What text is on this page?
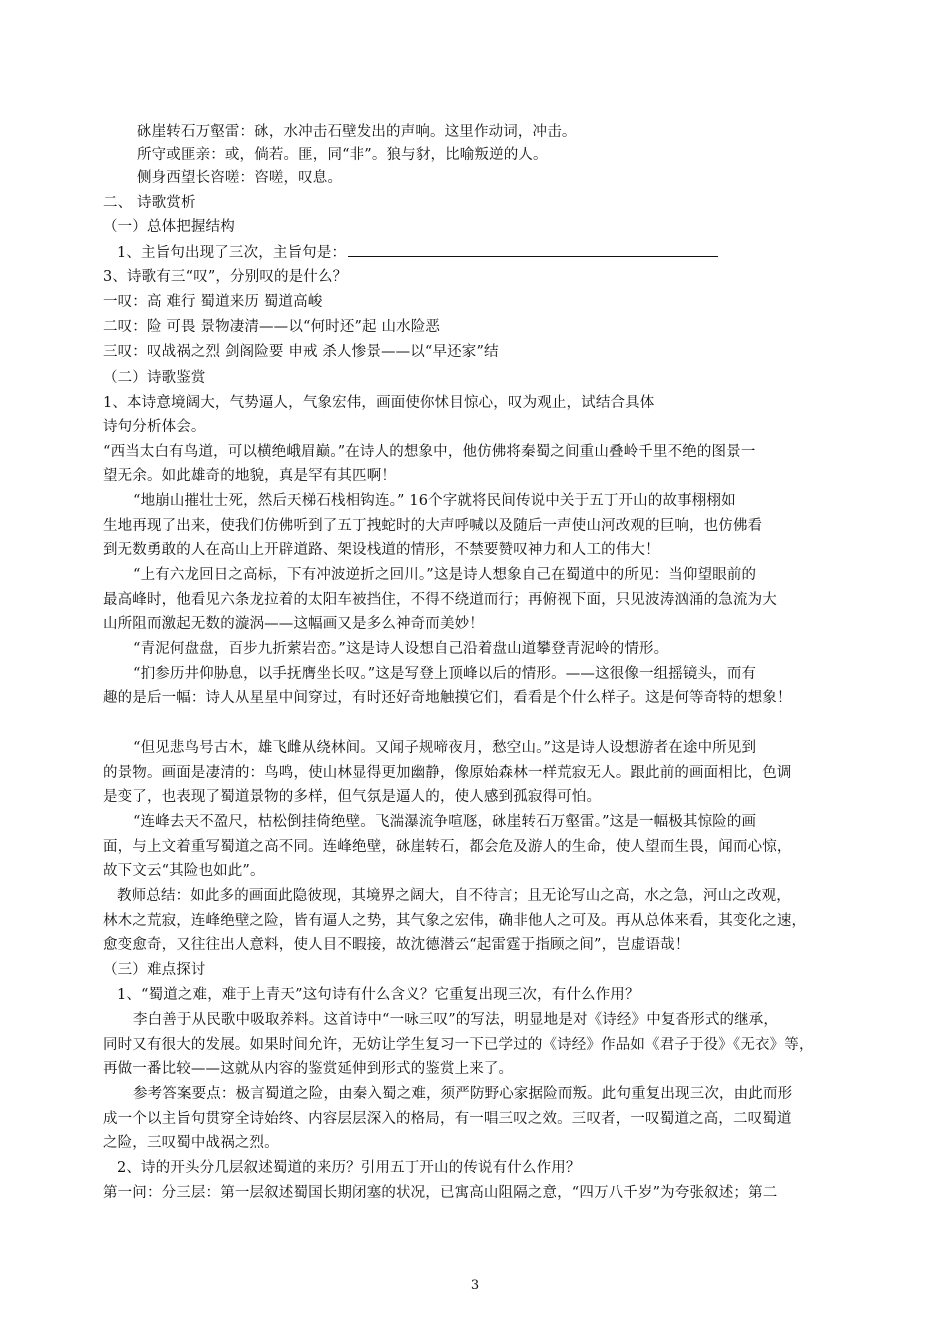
砯崖转石万壑雷：砯，水冲击石壁发出的声响。这里作动词，冲击。
所守或匪亲：或，倘若。匪，同“非”。狼与豺，比喻叛逆的人。
侧身西望长咨嗟：咨嗟，叹息。
二、 诗歌赏析
（一）总体把握结构
1、主旨句出现了三次，主旨句是：
3、诗歌有三“叹”，分别叹的是什么？
一叹：高 难行 蜀道来历 蜀道高峻
二叹：险 可畏 景物凄清——以“何时还”起 山水险恶
三叹：叹战祸之烈 剑阁险要 申戒 杀人惨景——以“早还家”结
（二）诗歌鉴赏
1、本诗意境阔大，气势逼人，气象宏伟，画面使你怵目惊心，叹为观止，试结合具体
诗句分析体会。
“西当太白有鸟道，可以横绝峨眉巅。”在诗人的想象中，他仿佛将秦蜀之间重山叠岭千里不绝的图景一
望无余。如此雄奇的地貌，真是罕有其匹啊！
“地崩山摧壮士死，然后天梯石栈相钩连。” 16个字就将民间传说中关于五丁开山的故事栩栩如
生地再现了出来，使我们仿佛听到了五丁拽蛇时的大声呼喊以及随后一声使山河改观的巨响，也仿佛看
到无数勇敢的人在高山上开辟道路、架设栈道的情形，不禁要赞叹神力和人工的伟大！
“上有六龙回日之高标，下有冲波逆折之回川。”这是诗人想象自己在蜀道中的所见：当仰望眼前的
最高峰时，他看见六条龙拉着的太阳车被挡住，不得不绕道而行；再俯视下面，只见波涛汹涌的急流为大
山所阻而激起无数的漩涡——这幅画又是多么神奇而美妙！
“青泥何盘盘，百步九折萦岩峦。”这是诗人设想自己沿着盘山道攀登青泥岭的情形。
“扪参历井仰胁息，以手抚膺坐长叹。”这是写登上顶峰以后的情形。——这很像一组摇镜头，而有
趣的是后一幅：诗人从星星中间穿过，有时还好奇地触摸它们，看看是个什么样子。这是何等奇特的想象！
“但见悲鸟号古木，雄飞雌从绕林间。又闻子规啼夜月，愁空山。”这是诗人设想游者在途中所见到
的景物。画面是凄清的：鸟鸣，使山林显得更加幽静，像原始森林一样荒寂无人。跟此前的画面相比，色调
是变了，也表现了蜀道景物的多样，但气氛是逼人的，使人感到孤寂得可怕。
“连峰去天不盈尺，枯松倒挂倚绝壁。飞湍瀑流争喧豗，砯崖转石万壑雷。”这是一幅极其惊险的画
面，与上文着重写蜀道之高不同。连峰绝壁，砯崖转石，都会危及游人的生命，使人望而生畏，闻而心惊，
故下文云“其险也如此”。
教师总结：如此多的画面此隐彼现，其境界之阔大，自不待言；且无论写山之高，水之急，河山之改观，
林木之荒寂，连峰绝壁之险，皆有逼人之势，其气象之宏伟，确非他人之可及。再从总体来看，其变化之速，
愈变愈奇，又往往出人意料，使人目不暇接，故沈德潜云“起雷霆于指顾之间”，岂虚语哉！
（三）难点探讨
1、“蜀道之难，难于上青天”这句诗有什么含义？它重复出现三次，有什么作用？
李白善于从民歌中吸取养料。这首诗中“一咏三叹”的写法，明显地是对《诗经》中复沓形式的继承，
同时又有很大的发展。如果时间允许，无妨让学生复习一下已学过的《诗经》作品如《君子于役》《无衣》等，
再做一番比较——这就从内容的鉴赏延伸到形式的鉴赏上来了。
参考答案要点：极言蜀道之险，由秦入蜀之难，须严防野心家据险而叛。此句重复出现三次，由此而形
成一个以主旨句贯穿全诗始终、内容层层深入的格局，有一唱三叹之效。三叹者，一叹蜀道之高，二叹蜀道
之险，三叹蜀中战祸之烈。
2、诗的开头分几层叙述蜀道的来历？引用五丁开山的传说有什么作用？
第一问：分三层：第一层叙述蜀国长期闭塞的状况，已寓高山阻隔之意，“四万八千岁”为夸张叙述；第二
3
